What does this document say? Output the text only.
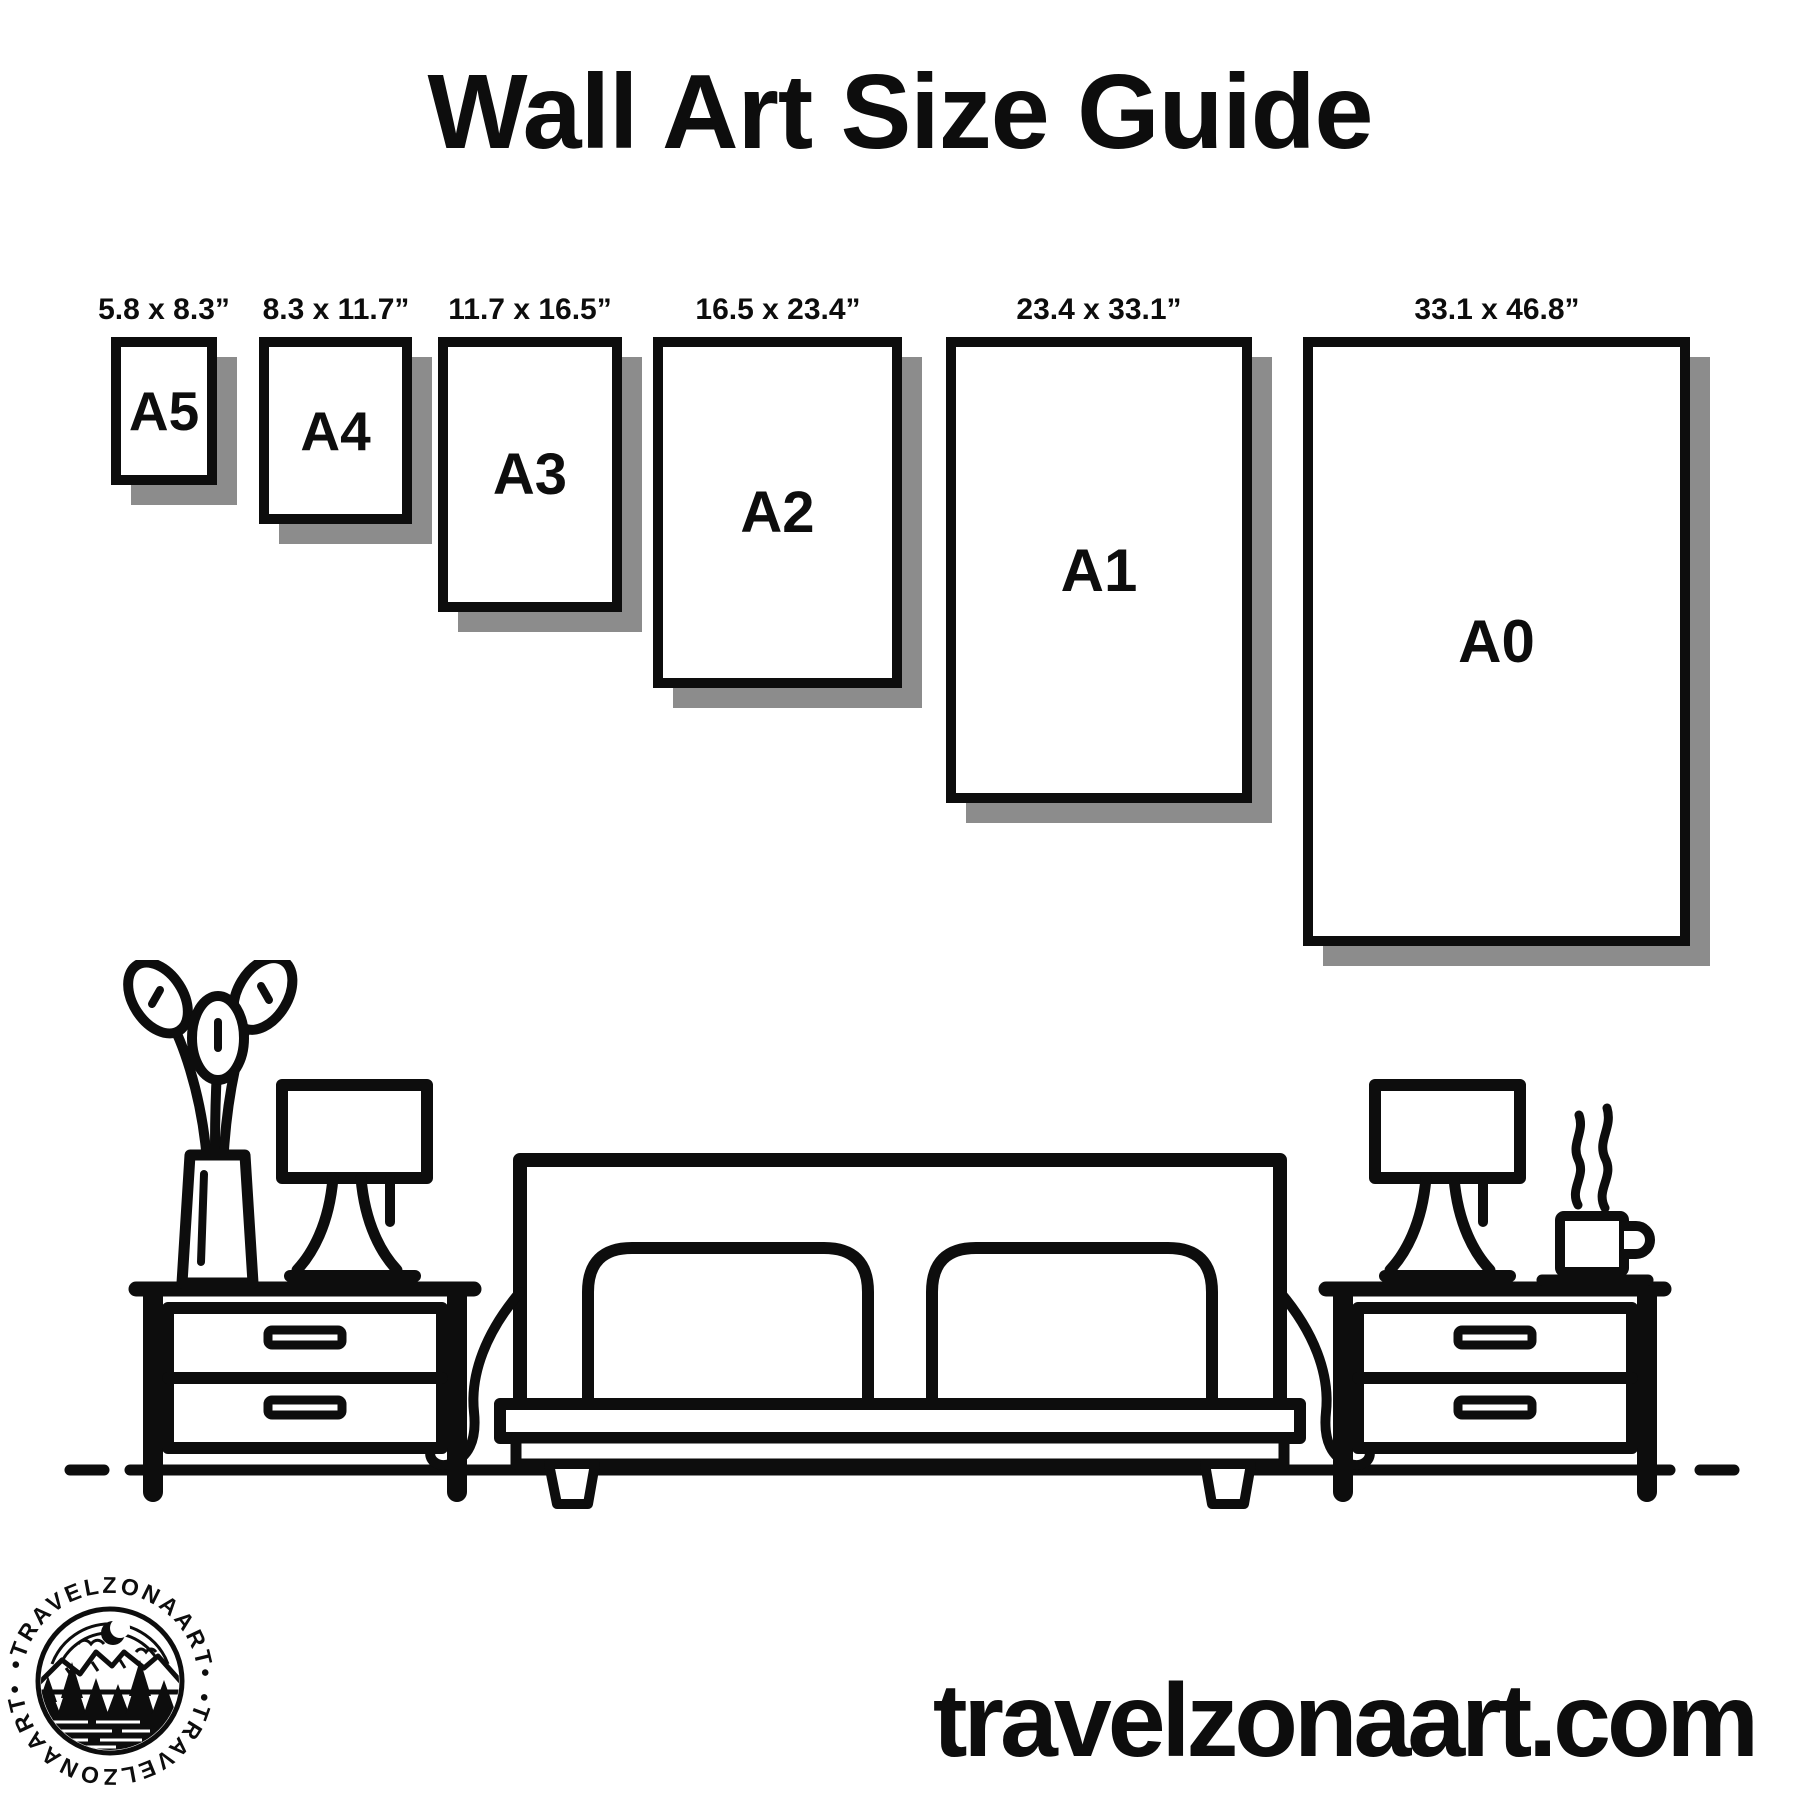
Wall Art Size Guide
5.8 x 8.3” 8.3 x 11.7” 11.7 x 16.5”	16.5 x 23.4”	23.4 x 33.1”	33.1 x 46.8”
A5 A4
A3
A2
A1
A0
•TRAVELZONAART•
•TRAVELZONAART•	travelzonaart.com
